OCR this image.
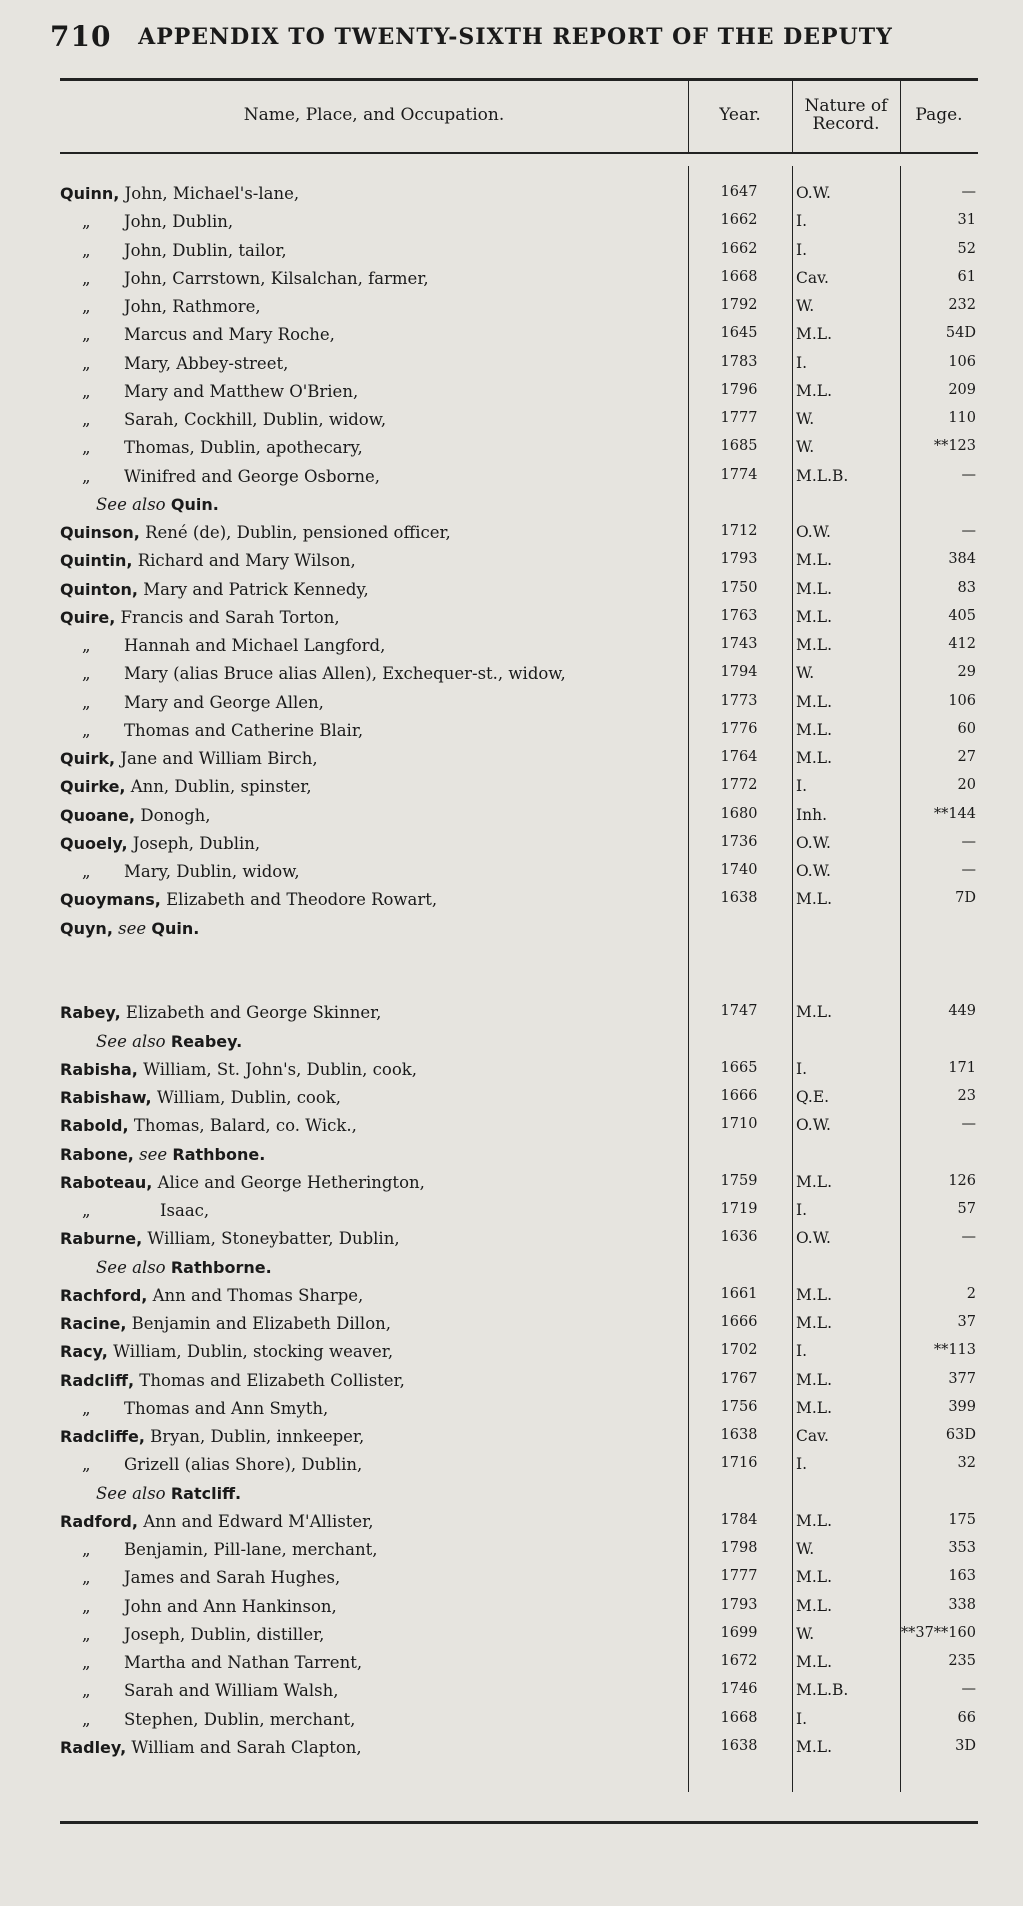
710 APPENDIX TO TWENTY-SIXTH REPORT OF THE DEPUTY
Name, Place, and Occupation.	Year.	Nature of
Record.	Page.
Quinn, John, Michael's-lane,	1647	O.W.	—
„ John, Dublin,	1662	I.	31
„ John, Dublin, tailor,	1662	I.	52
„ John, Carrstown, Kilsalchan, farmer,	1668	Cav.	61
„ John, Rathmore,	1792	W.	232
„ Marcus and Mary Roche,	1645	M.L.	54D
„ Mary, Abbey-street,	1783	I.	106
„ Mary and Matthew O'Brien,	1796	M.L.	209
„ Sarah, Cockhill, Dublin, widow,	1777	W.	110
„ Thomas, Dublin, apothecary,	1685	W.	**123
„ Winifred and George Osborne,	1774	M.L.B.	—
See also Quin.
Quinson, René (de), Dublin, pensioned officer,	1712	O.W.	—
Quintin, Richard and Mary Wilson,	1793	M.L.	384
Quinton, Mary and Patrick Kennedy,	1750	M.L.	83
Quire, Francis and Sarah Torton,	1763	M.L.	405
„ Hannah and Michael Langford,	1743	M.L.	412
„ Mary (alias Bruce alias Allen), Exchequer-st., widow,	1794	W.	29
„ Mary and George Allen,	1773	M.L.	106
„ Thomas and Catherine Blair,	1776	M.L.	60
Quirk, Jane and William Birch,	1764	M.L.	27
Quirke, Ann, Dublin, spinster,	1772	I.	20
Quoane, Donogh,	1680	Inh.	**144
Quoely, Joseph, Dublin,	1736	O.W.	—
„ Mary, Dublin, widow,	1740	O.W.	—
Quoymans, Elizabeth and Theodore Rowart,	1638	M.L.	7D
Quyn, see Quin.
Rabey, Elizabeth and George Skinner,	1747	M.L.	449
See also Reabey.
Rabisha, William, St. John's, Dublin, cook,	1665	I.	171
Rabishaw, William, Dublin, cook,	1666	Q.E.	23
Rabold, Thomas, Balard, co. Wick.,	1710	O.W.	—
Rabone, see Rathbone.
Raboteau, Alice and George Hetherington,	1759	M.L.	126
„	Isaac,	1719	I.	57
Raburne, William, Stoneybatter, Dublin,	1636	O.W.	—
See also Rathborne.
Rachford, Ann and Thomas Sharpe,	1661	M.L.	2
Racine, Benjamin and Elizabeth Dillon,	1666	M.L.	37
Racy, William, Dublin, stocking weaver,	1702	I.	**113
Radcliff, Thomas and Elizabeth Collister,	1767	M.L.	377
„ Thomas and Ann Smyth,	1756	M.L.	399
Radcliffe, Bryan, Dublin, innkeeper,	1638	Cav.	63D
„ Grizell (alias Shore), Dublin,	1716	I.	32
See also Ratcliff.
Radford, Ann and Edward M'Allister,	1784	M.L.	175
„ Benjamin, Pill-lane, merchant,	1798	W.	353
„ James and Sarah Hughes,	1777	M.L.	163
„ John and Ann Hankinson,	1793	M.L.	338
„ Joseph, Dublin, distiller,	1699	W.	**37**160
„ Martha and Nathan Tarrent,	1672	M.L.	235
„ Sarah and William Walsh,	1746	M.L.B.	—
„ Stephen, Dublin, merchant,	1668	I.	66
Radley, William and Sarah Clapton,	1638	M.L.	3D
